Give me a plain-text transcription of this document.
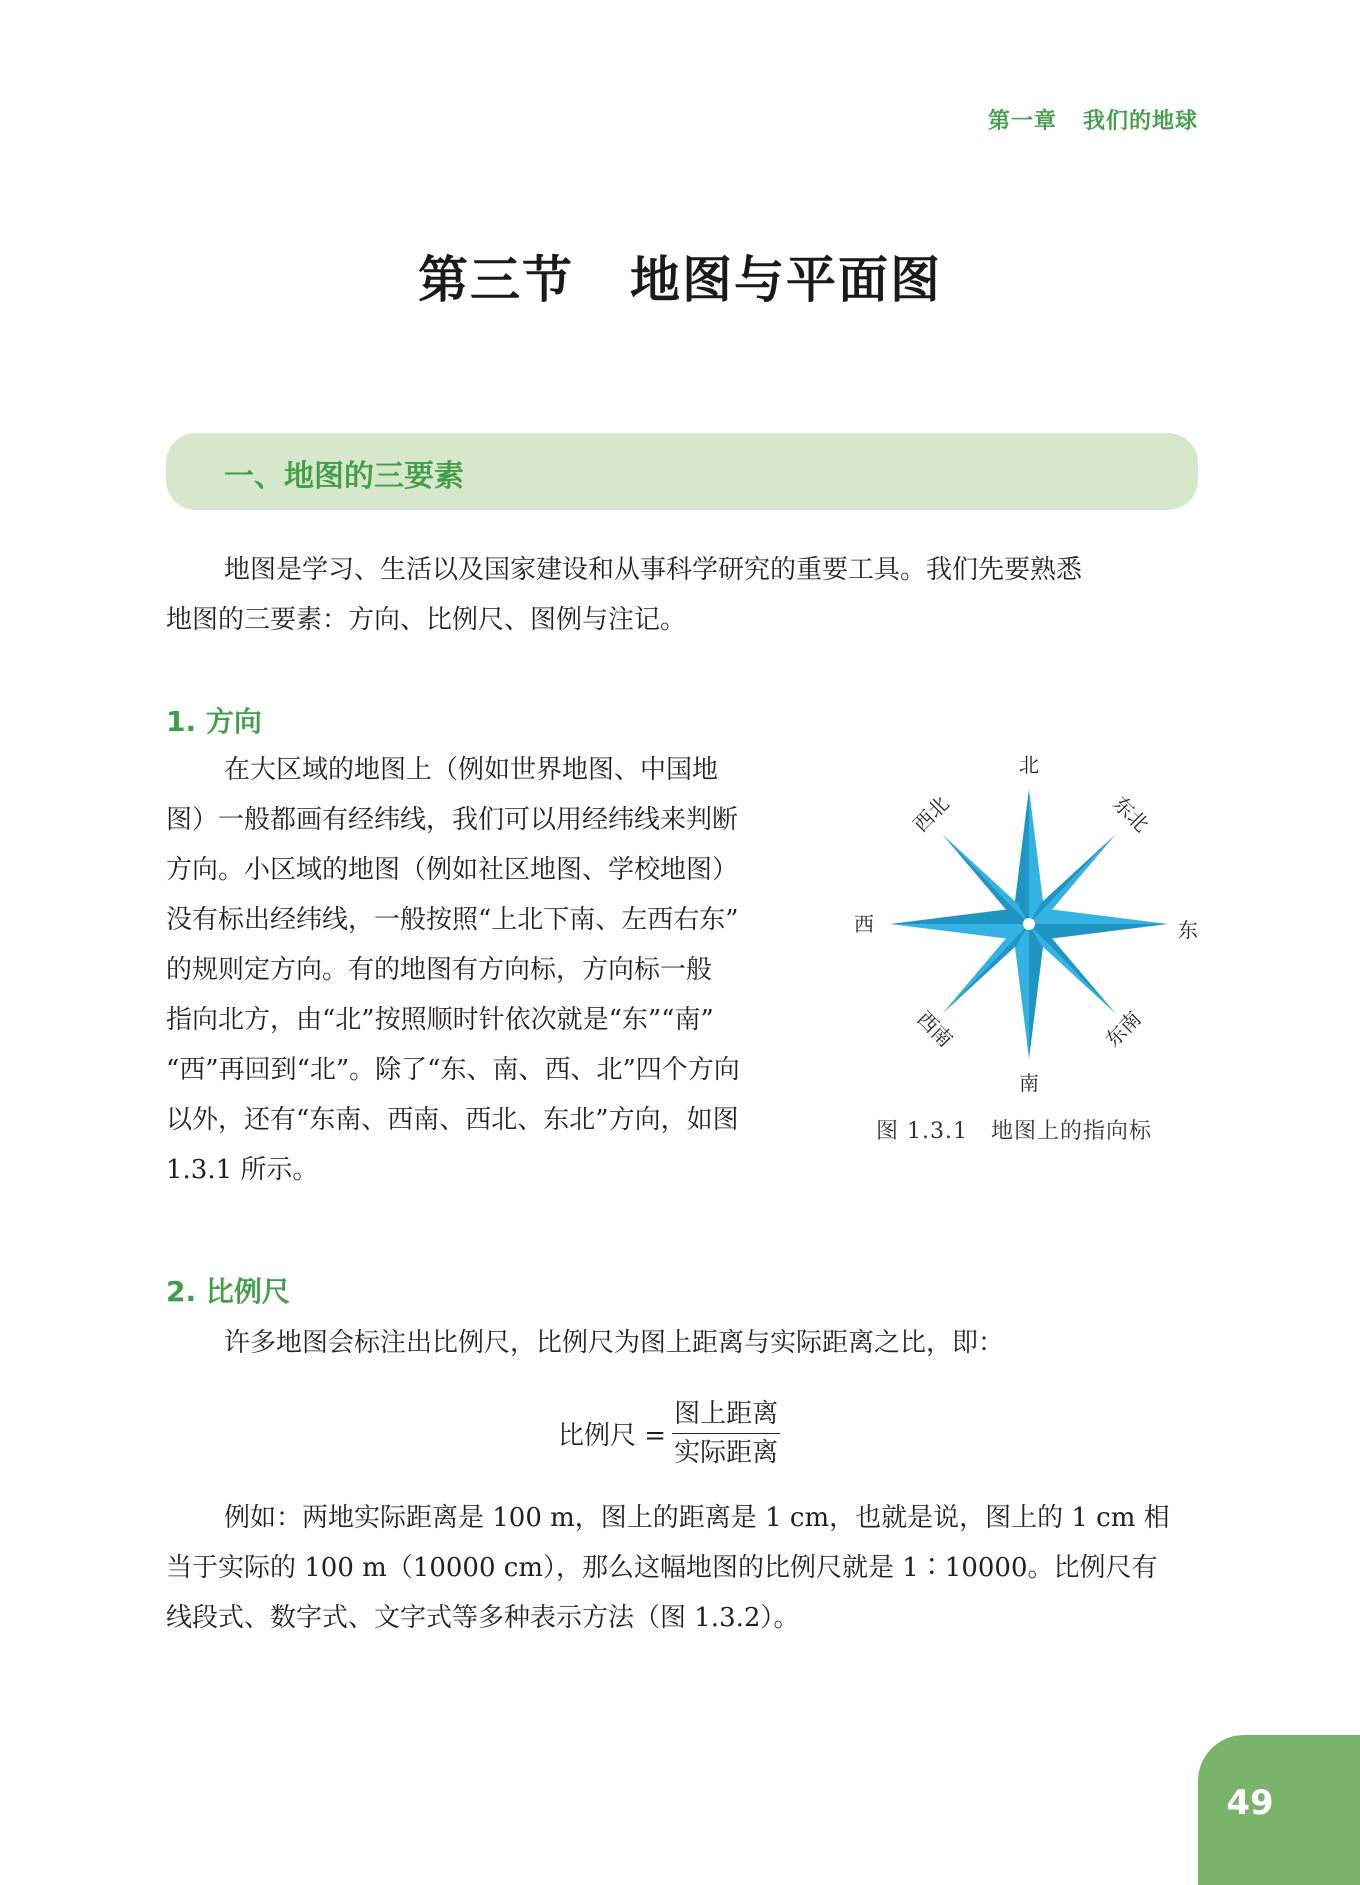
第一章 我们的地球
第三节 地图与平面图
一、地图的三要素
地图是学习、生活以及国家建设和从事科学研究的重要工具。我们先要熟悉
地图的三要素：方向、比例尺、图例与注记。
1. 方向
在大区域的地图上（例如世界地图、中国地
图）一般都画有经纬线，我们可以用经纬线来判断
方向。小区域的地图（例如社区地图、学校地图）
没有标出经纬线，一般按照“上北下南、左西右东”
的规则定方向。有的地图有方向标，方向标一般
指向北方，由“北”按照顺时针依次就是“东”“南”
“西”再回到“北”。除了“东、南、西、北”四个方向
以外，还有“东南、西南、西北、东北”方向，如图
1.3.1 所示。
北
南
东
西
东北
西北
东南
西南
图 1.3.1　地图上的指向标
2. 比例尺
许多地图会标注出比例尺，比例尺为图上距离与实际距离之比，即：
比例尺 = $\frac{\text{图上距离}}{\text{实际距离}}$
例如：两地实际距离是 100 m，图上的距离是 1 cm，也就是说，图上的 1 cm 相
当于实际的 100 m（10000 cm），那么这幅地图的比例尺就是 1∶10000。比例尺有
线段式、数字式、文字式等多种表示方法（图 1.3.2）。
49
